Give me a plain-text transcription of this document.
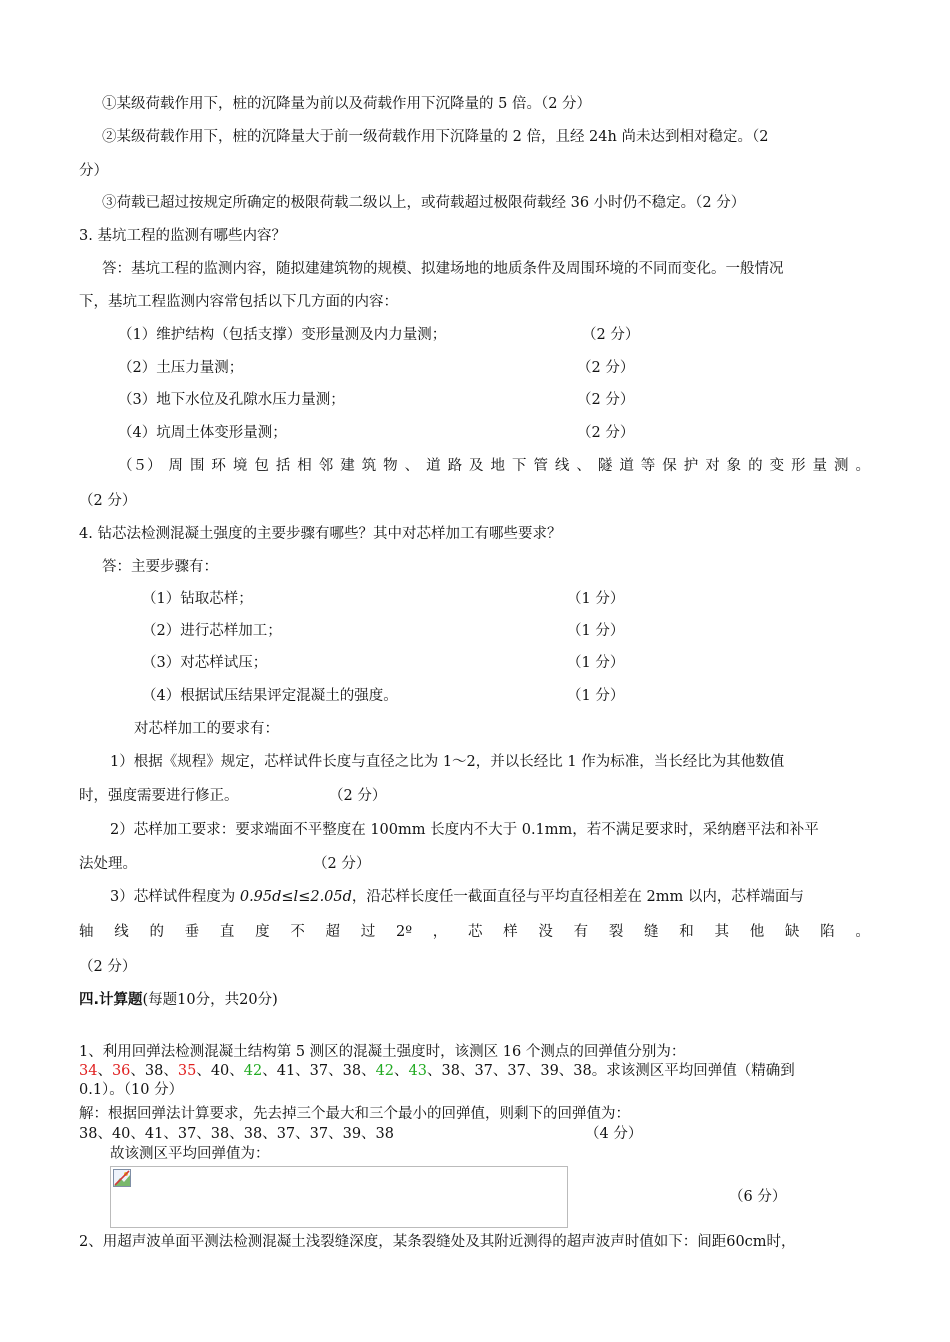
①某级荷载作用下，桩的沉降量为前以及荷载作用下沉降量的 5 倍。（2 分）
②某级荷载作用下，桩的沉降量大于前一级荷载作用下沉降量的 2 倍，且经 24h 尚未达到相对稳定。（2
分）
③荷载已超过按规定所确定的极限荷载二级以上，或荷载超过极限荷载经 36 小时仍不稳定。（2 分）
3. 基坑工程的监测有哪些内容？
答：基坑工程的监测内容，随拟建建筑物的规模、拟建场地的地质条件及周围环境的不同而变化。一般情况
下，基坑工程监测内容常包括以下几方面的内容：
（1）维护结构（包括支撑）变形量测及内力量测；	（2 分）
（2）土压力量测；	（2 分）
（3）地下水位及孔隙水压力量测；	（2 分）
（4）坑周土体变形量测；	（2 分）
（５） 周 围 环 境 包 括 相 邻 建 筑 物 、 道 路 及 地 下 管 线 、 隧 道 等 保 护 对 象 的 变 形 量 测 。
（2 分）
4. 钻芯法检测混凝土强度的主要步骤有哪些？其中对芯样加工有哪些要求？
答：主要步骤有：
（1）钻取芯样；	（1 分）
（2）进行芯样加工；	（1 分）
（3）对芯样试压；	（1 分）
（4）根据试压结果评定混凝土的强度。	（1 分）
对芯样加工的要求有：
1）根据《规程》规定，芯样试件长度与直径之比为 1～2，并以长经比 1 作为标准，当长经比为其他数值
时，强度需要进行修正。	（2 分）
2）芯样加工要求：要求端面不平整度在 100mm 长度内不大于 0.1mm，若不满足要求时，采纳磨平法和补平
法处理。	（2 分）
3）芯样试件程度为 0.95d≤l≤2.05d，沿芯样长度任一截面直径与平均直径相差在 2mm 以内，芯样端面与
轴 线 的 垂 直 度 不 超 过 2º ， 芯 样 没 有 裂 缝 和 其 他 缺 陷 。
（2 分）
四.计算题(每题10分，共20分)
1、利用回弹法检测混凝土结构第 5 测区的混凝土强度时，该测区 16 个测点的回弹值分别为：
34、36、38、35、40、42、41、37、38、42、43、38、37、37、39、38。求该测区平均回弹值（精确到
0.1）。（10 分）
解：根据回弹法计算要求，先去掉三个最大和三个最小的回弹值，则剩下的回弹值为：
38、40、41、37、38、38、37、37、39、38	（4 分）
故该测区平均回弹值为：
（6 分）
2、用超声波单面平测法检测混凝土浅裂缝深度，某条裂缝处及其附近测得的超声波声时值如下：间距60cm时，
